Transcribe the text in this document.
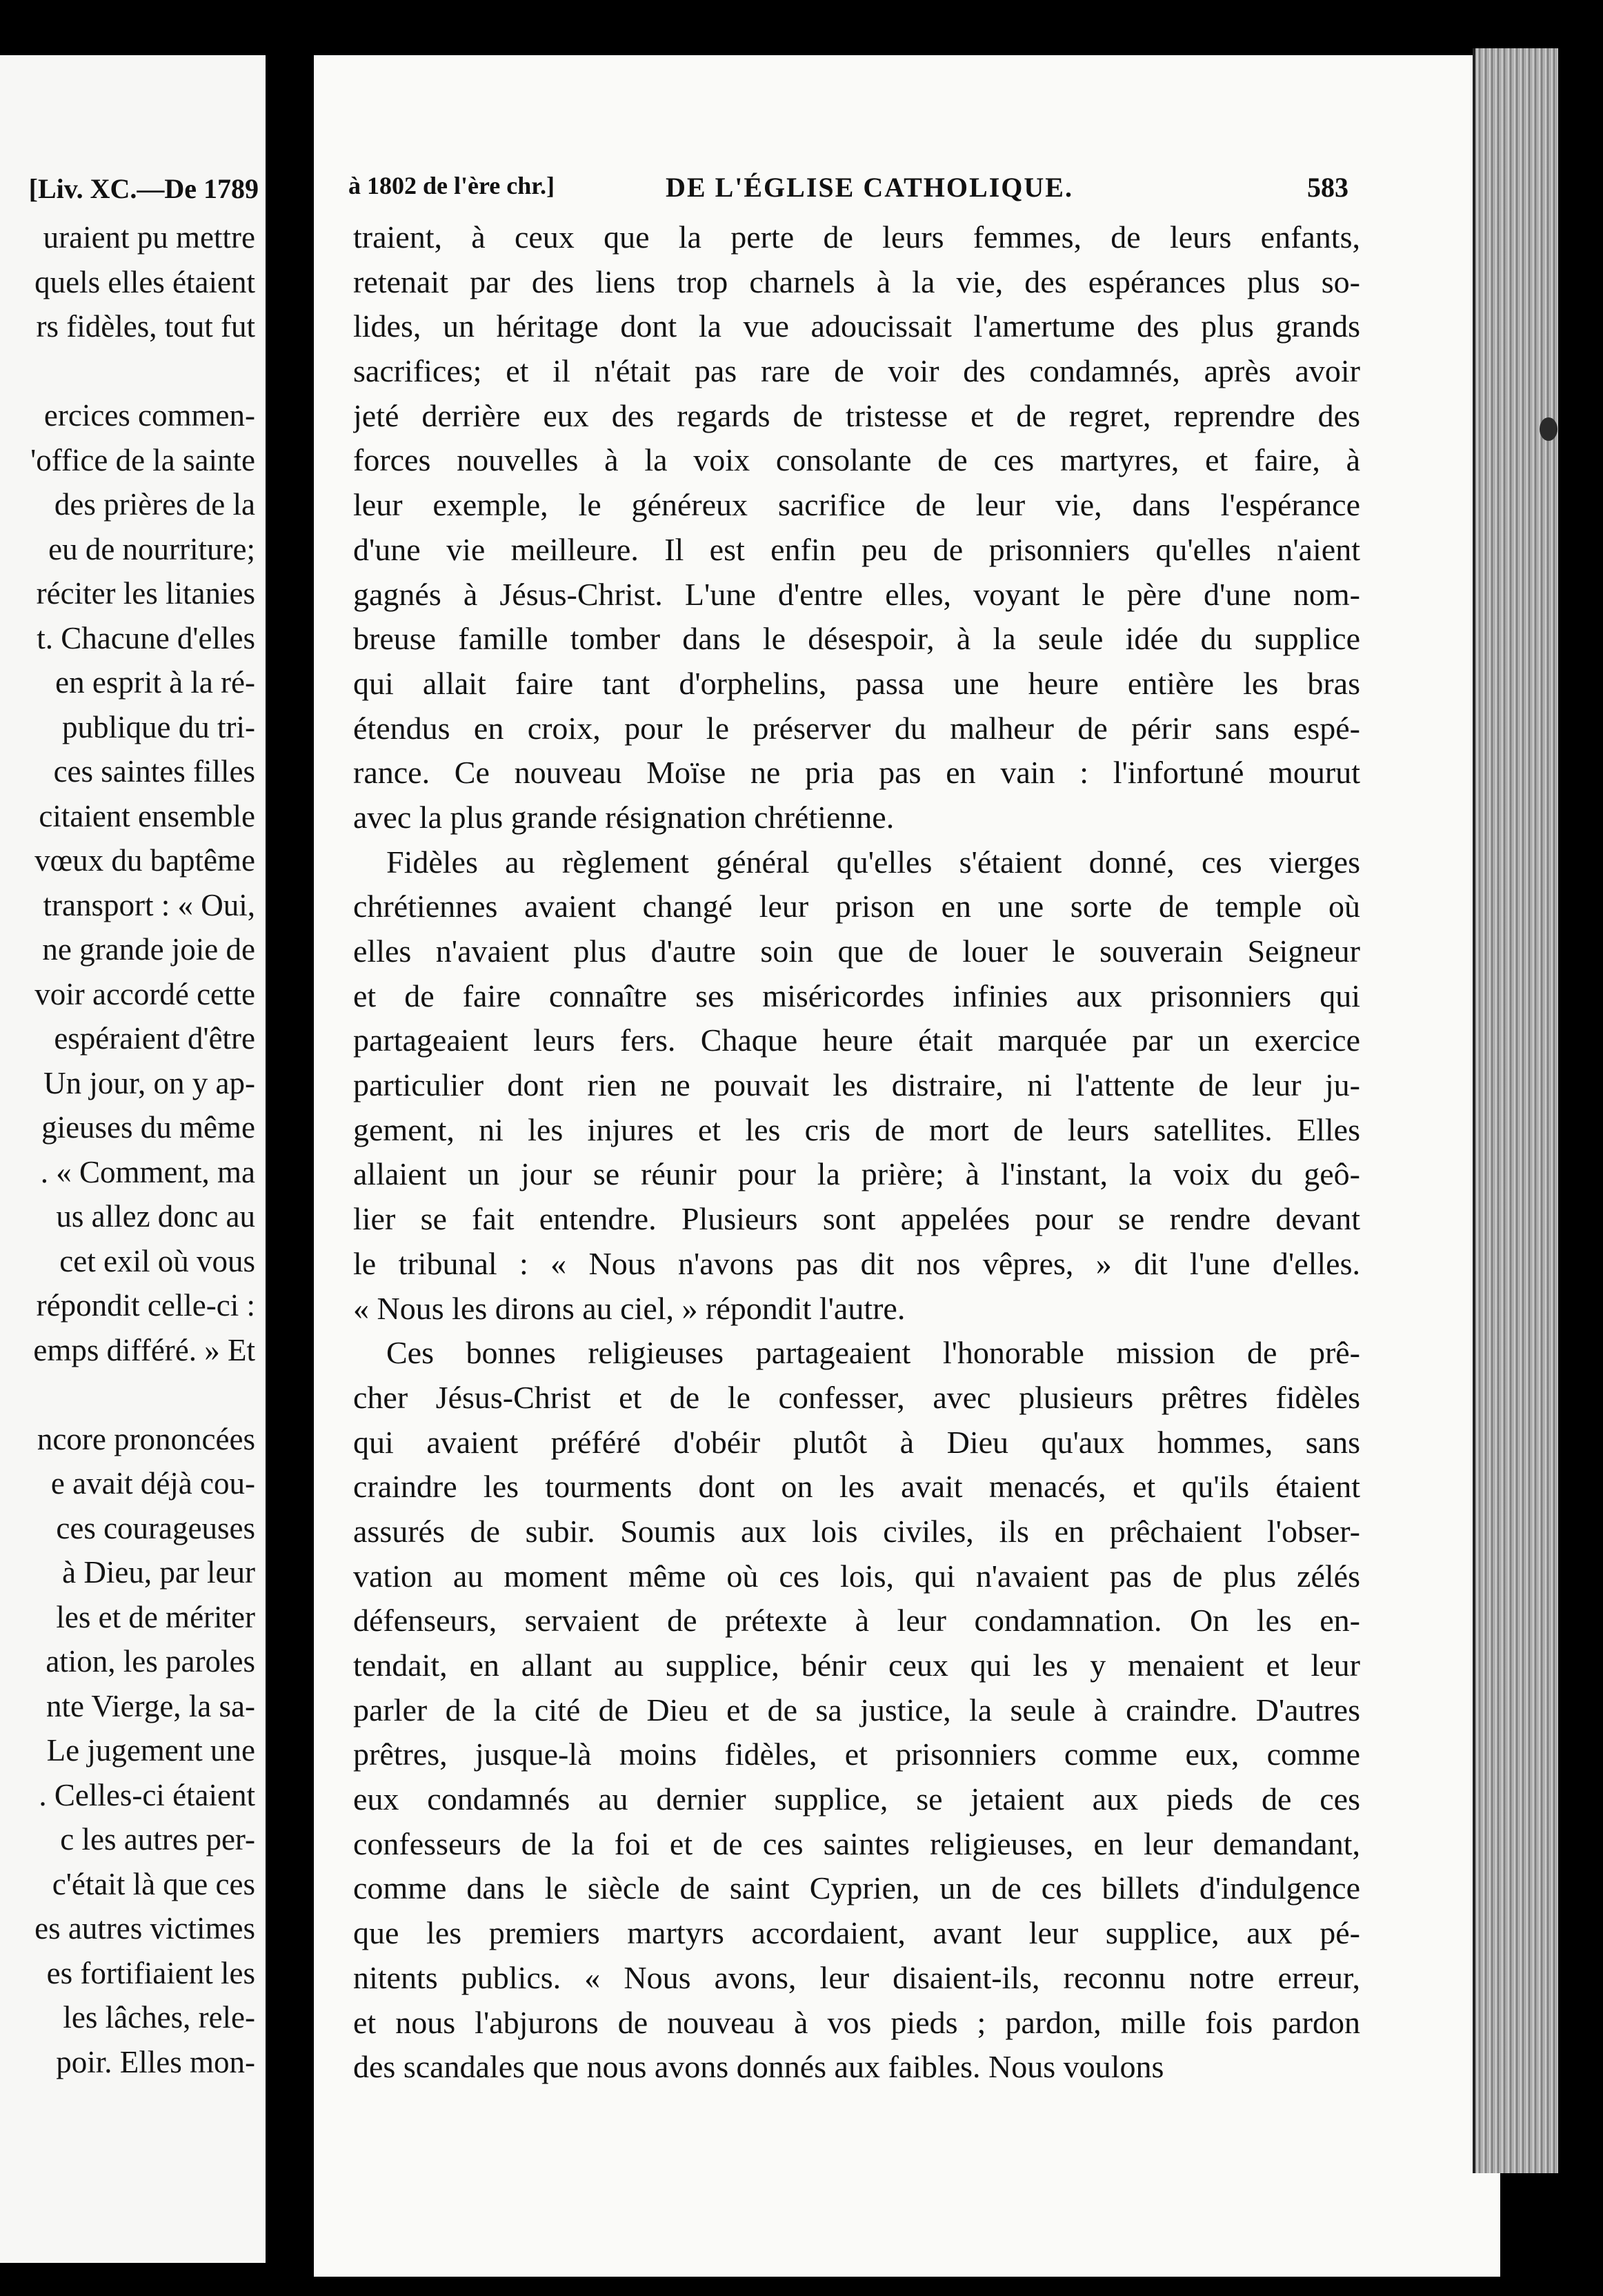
[Liv. XC.—De 1789
uraient pu mettre
quels elles étaient
rs fidèles, tout fut
ercices commen-
'office de la sainte
des prières de la
eu de nourriture;
réciter les litanies
t. Chacune d'elles
en esprit à la ré-
publique du tri-
ces saintes filles
citaient ensemble
vœux du baptême
transport : « Oui,
ne grande joie de
voir accordé cette
espéraient d'être
Un jour, on y ap-
gieuses du même
. « Comment, ma
us allez donc au
cet exil où vous
répondit celle-ci :
emps différé. » Et
ncore prononcées
e avait déjà cou-
ces courageuses
à Dieu, par leur
les et de mériter
ation, les paroles
nte Vierge, la sa-
Le jugement une
. Celles-ci étaient
c les autres per-
c'était là que ces
es autres victimes
es fortifiaient les
les lâches, rele-
poir. Elles mon-
à 1802 de l'ère chr.]	DE L'ÉGLISE CATHOLIQUE.	583
traient, à ceux que la perte de leurs femmes, de leurs enfants,
retenait par des liens trop charnels à la vie, des espérances plus so-
lides, un héritage dont la vue adoucissait l'amertume des plus grands
sacrifices; et il n'était pas rare de voir des condamnés, après avoir
jeté derrière eux des regards de tristesse et de regret, reprendre des
forces nouvelles à la voix consolante de ces martyres, et faire, à
leur exemple, le généreux sacrifice de leur vie, dans l'espérance
d'une vie meilleure. Il est enfin peu de prisonniers qu'elles n'aient
gagnés à Jésus-Christ. L'une d'entre elles, voyant le père d'une nom-
breuse famille tomber dans le désespoir, à la seule idée du supplice
qui allait faire tant d'orphelins, passa une heure entière les bras
étendus en croix, pour le préserver du malheur de périr sans espé-
rance. Ce nouveau Moïse ne pria pas en vain : l'infortuné mourut
avec la plus grande résignation chrétienne.
Fidèles au règlement général qu'elles s'étaient donné, ces vierges
chrétiennes avaient changé leur prison en une sorte de temple où
elles n'avaient plus d'autre soin que de louer le souverain Seigneur
et de faire connaître ses miséricordes infinies aux prisonniers qui
partageaient leurs fers. Chaque heure était marquée par un exercice
particulier dont rien ne pouvait les distraire, ni l'attente de leur ju-
gement, ni les injures et les cris de mort de leurs satellites. Elles
allaient un jour se réunir pour la prière; à l'instant, la voix du geô-
lier se fait entendre. Plusieurs sont appelées pour se rendre devant
le tribunal : « Nous n'avons pas dit nos vêpres, » dit l'une d'elles.
« Nous les dirons au ciel, » répondit l'autre.
Ces bonnes religieuses partageaient l'honorable mission de prê-
cher Jésus-Christ et de le confesser, avec plusieurs prêtres fidèles
qui avaient préféré d'obéir plutôt à Dieu qu'aux hommes, sans
craindre les tourments dont on les avait menacés, et qu'ils étaient
assurés de subir. Soumis aux lois civiles, ils en prêchaient l'obser-
vation au moment même où ces lois, qui n'avaient pas de plus zélés
défenseurs, servaient de prétexte à leur condamnation. On les en-
tendait, en allant au supplice, bénir ceux qui les y menaient et leur
parler de la cité de Dieu et de sa justice, la seule à craindre. D'autres
prêtres, jusque-là moins fidèles, et prisonniers comme eux, comme
eux condamnés au dernier supplice, se jetaient aux pieds de ces
confesseurs de la foi et de ces saintes religieuses, en leur demandant,
comme dans le siècle de saint Cyprien, un de ces billets d'indulgence
que les premiers martyrs accordaient, avant leur supplice, aux pé-
nitents publics. « Nous avons, leur disaient-ils, reconnu notre erreur,
et nous l'abjurons de nouveau à vos pieds ; pardon, mille fois pardon
des scandales que nous avons donnés aux faibles. Nous voulons
